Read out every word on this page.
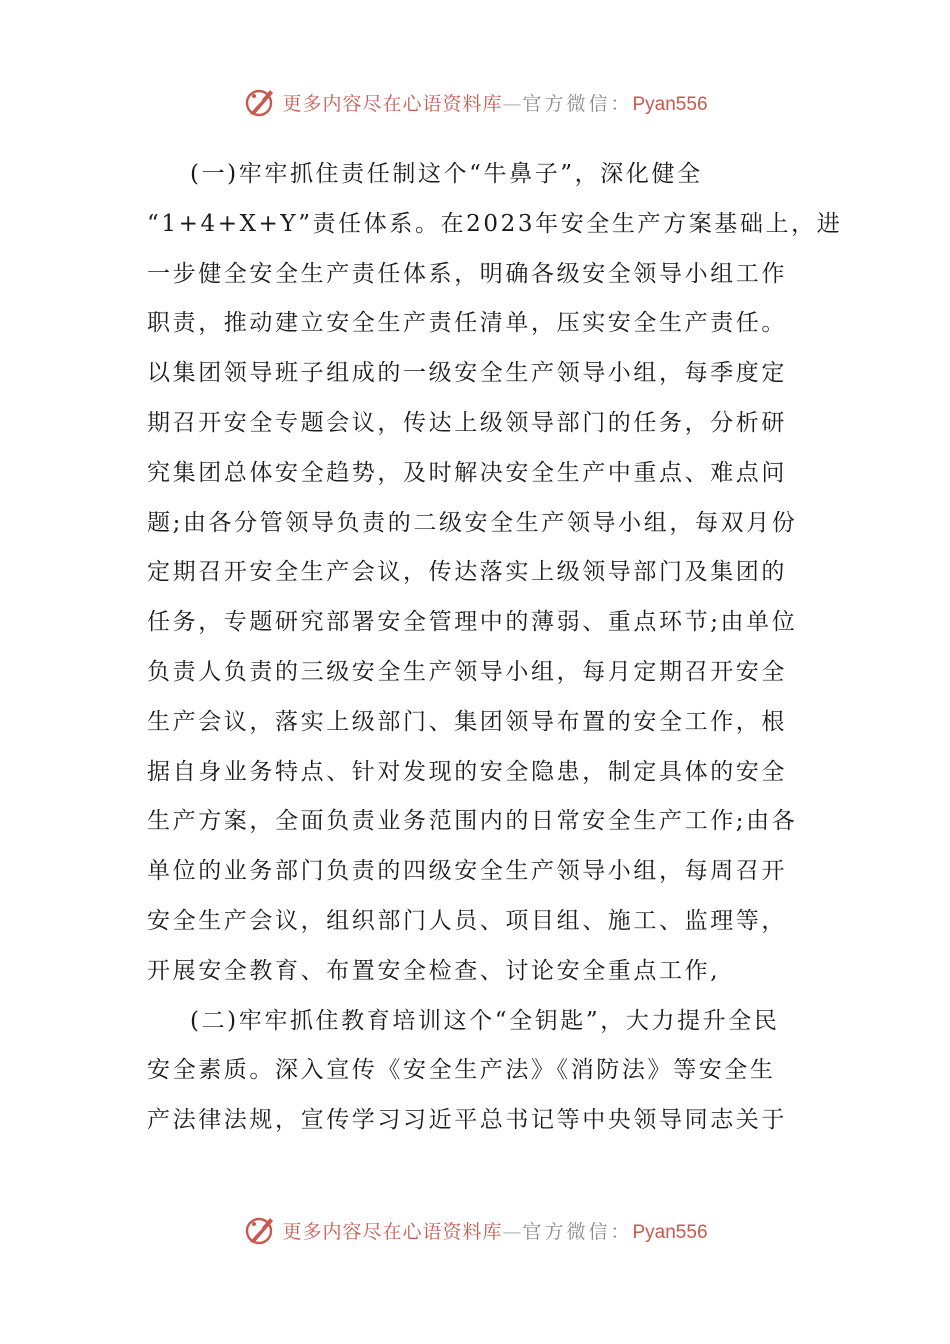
更多内容尽在心语资料库—官方微信：Pyan556
(一)牢牢抓住责任制这个“牛鼻子”，深化健全
“1+4+X+Y”责任体系。在2023年安全生产方案基础上，进
一步健全安全生产责任体系，明确各级安全领导小组工作
职责，推动建立安全生产责任清单，压实安全生产责任。
以集团领导班子组成的一级安全生产领导小组，每季度定
期召开安全专题会议，传达上级领导部门的任务，分析研
究集团总体安全趋势，及时解决安全生产中重点、难点问
题;由各分管领导负责的二级安全生产领导小组，每双月份
定期召开安全生产会议，传达落实上级领导部门及集团的
任务，专题研究部署安全管理中的薄弱、重点环节;由单位
负责人负责的三级安全生产领导小组，每月定期召开安全
生产会议，落实上级部门、集团领导布置的安全工作，根
据自身业务特点、针对发现的安全隐患，制定具体的安全
生产方案，全面负责业务范围内的日常安全生产工作;由各
单位的业务部门负责的四级安全生产领导小组，每周召开
安全生产会议，组织部门人员、项目组、施工、监理等，
开展安全教育、布置安全检查、讨论安全重点工作,
(二)牢牢抓住教育培训这个“全钥匙”，大力提升全民
安全素质。深入宣传《安全生产法》《消防法》等安全生
产法律法规，宣传学习习近平总书记等中央领导同志关于
更多内容尽在心语资料库—官方微信：Pyan556
